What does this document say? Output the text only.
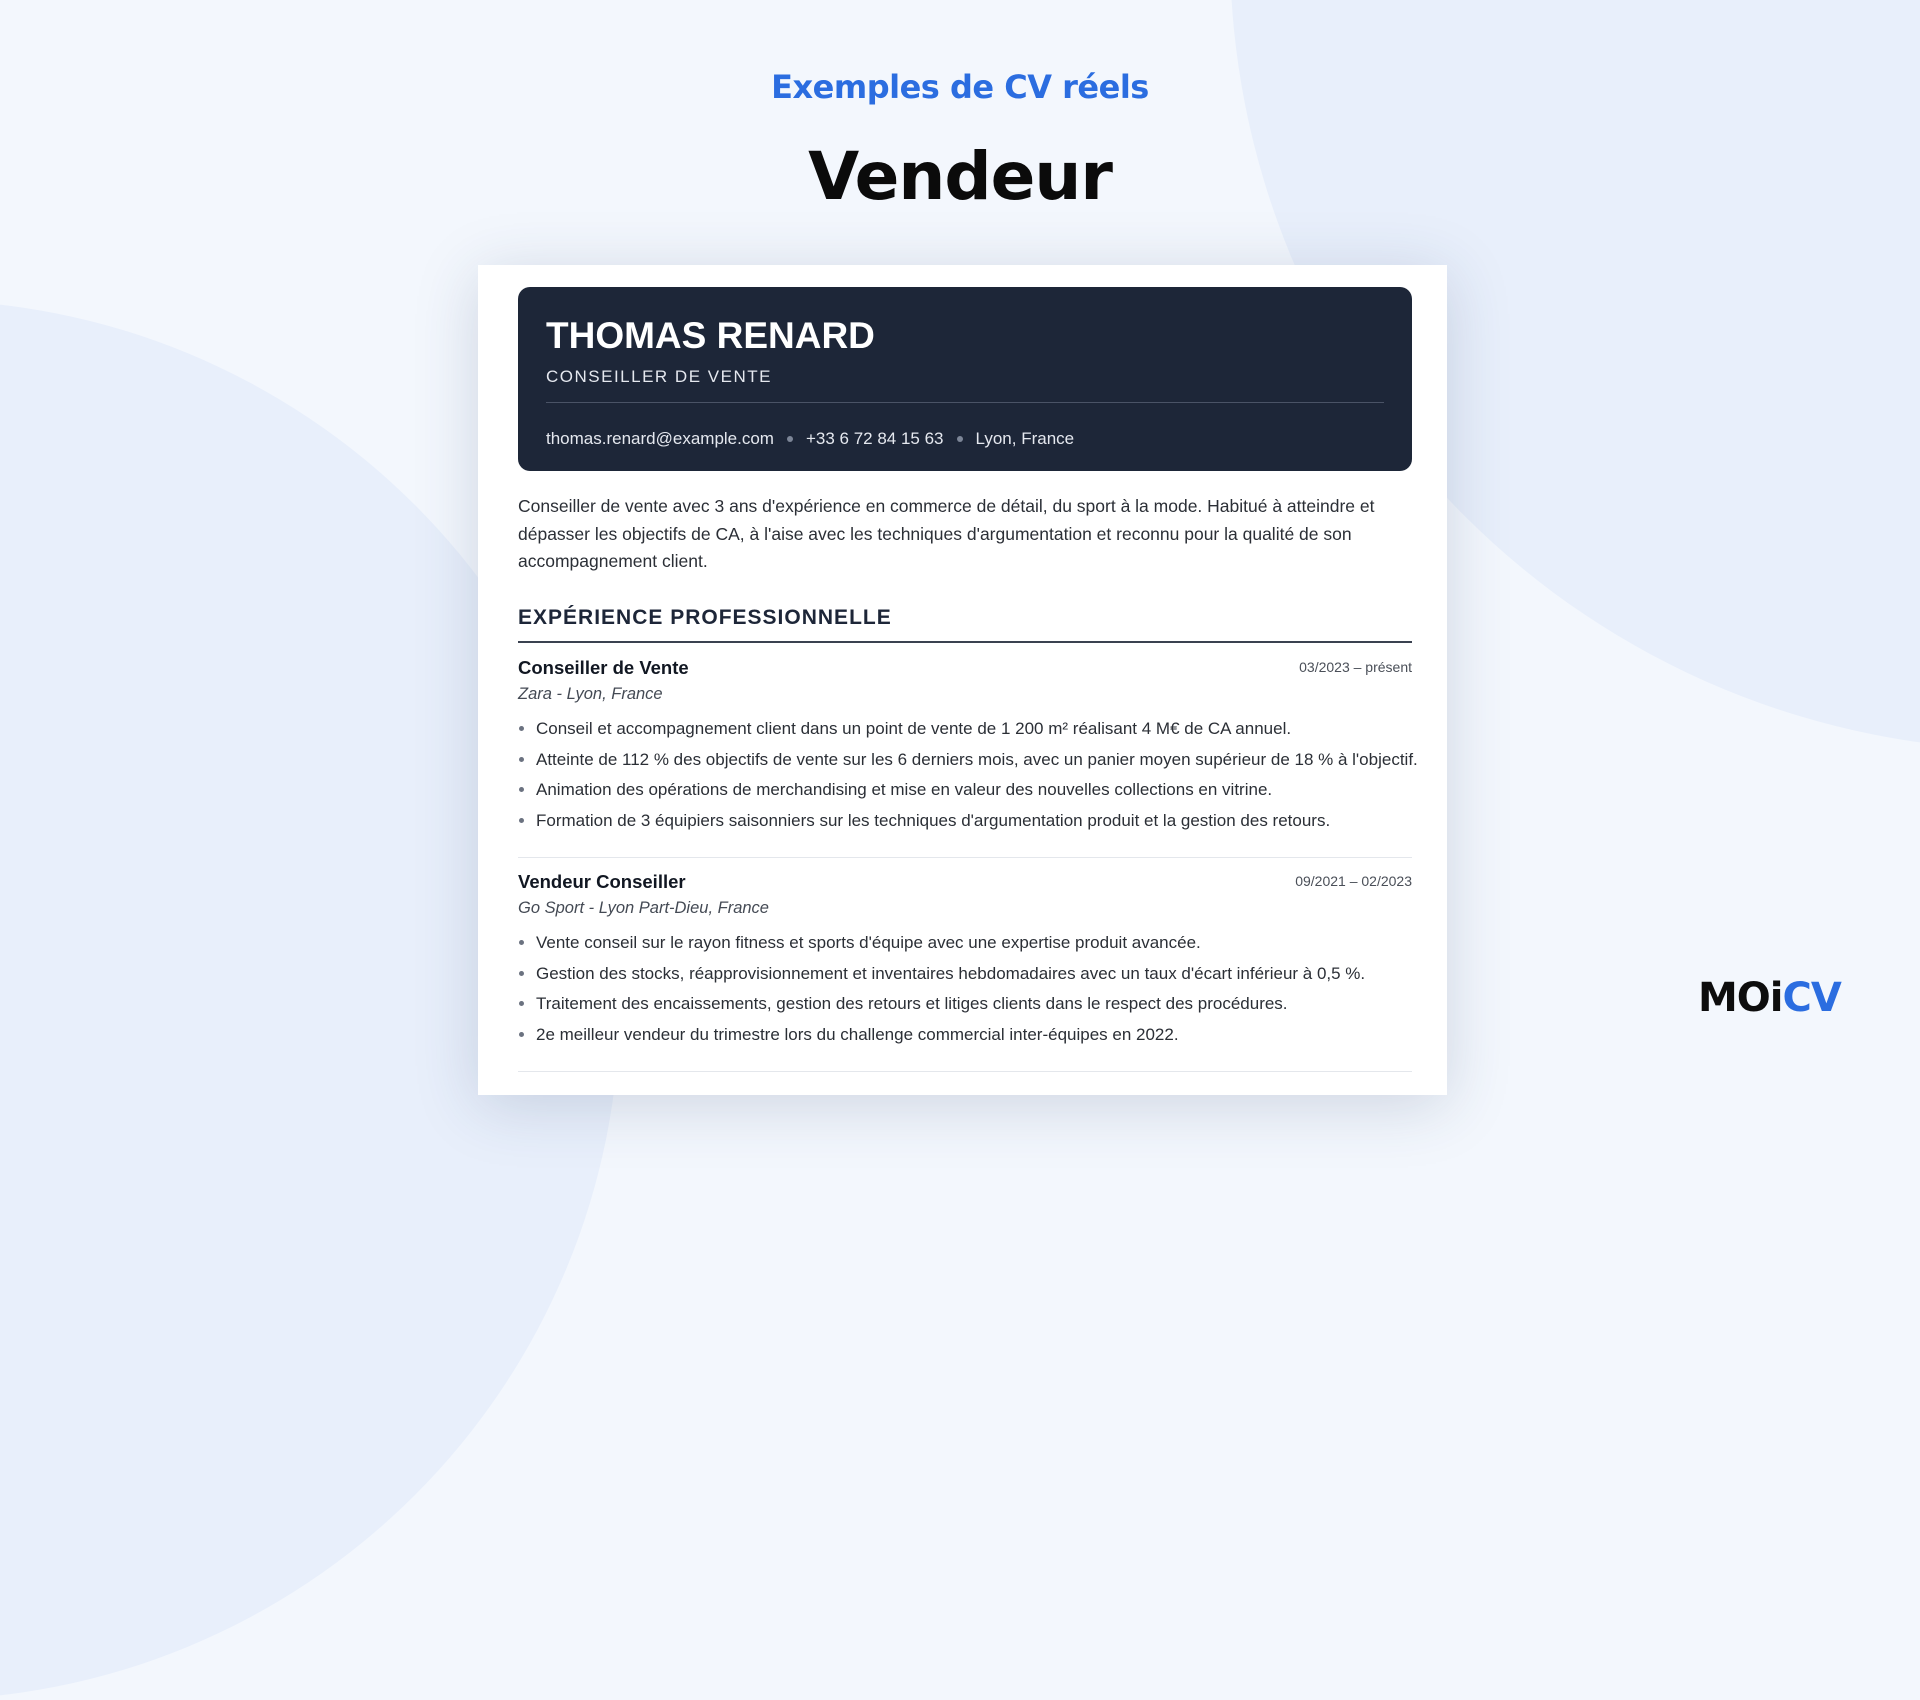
Exemples de CV réels
Vendeur
THOMAS RENARD
CONSEILLER DE VENTE
thomas.renard@example.com +33 6 72 84 15 63 Lyon, France

Conseiller de vente avec 3 ans d'expérience en commerce de détail, du sport à la mode. Habitué à atteindre et dépasser les objectifs de CA, à l'aise avec les techniques d'argumentation et reconnu pour la qualité de son accompagnement client.

EXPÉRIENCE PROFESSIONNELLE
Conseiller de Vente	03/2023 – présent
Zara - Lyon, France
Conseil et accompagnement client dans un point de vente de 1 200 m² réalisant 4 M€ de CA annuel.
Atteinte de 112 % des objectifs de vente sur les 6 derniers mois, avec un panier moyen supérieur de 18 % à l'objectif.
Animation des opérations de merchandising et mise en valeur des nouvelles collections en vitrine.
Formation de 3 équipiers saisonniers sur les techniques d'argumentation produit et la gestion des retours.
Vendeur Conseiller	09/2021 – 02/2023
Go Sport - Lyon Part-Dieu, France
Vente conseil sur le rayon fitness et sports d'équipe avec une expertise produit avancée.
Gestion des stocks, réapprovisionnement et inventaires hebdomadaires avec un taux d'écart inférieur à 0,5 %.
Traitement des encaissements, gestion des retours et litiges clients dans le respect des procédures.
2e meilleur vendeur du trimestre lors du challenge commercial inter-équipes en 2022.
MOiCV
